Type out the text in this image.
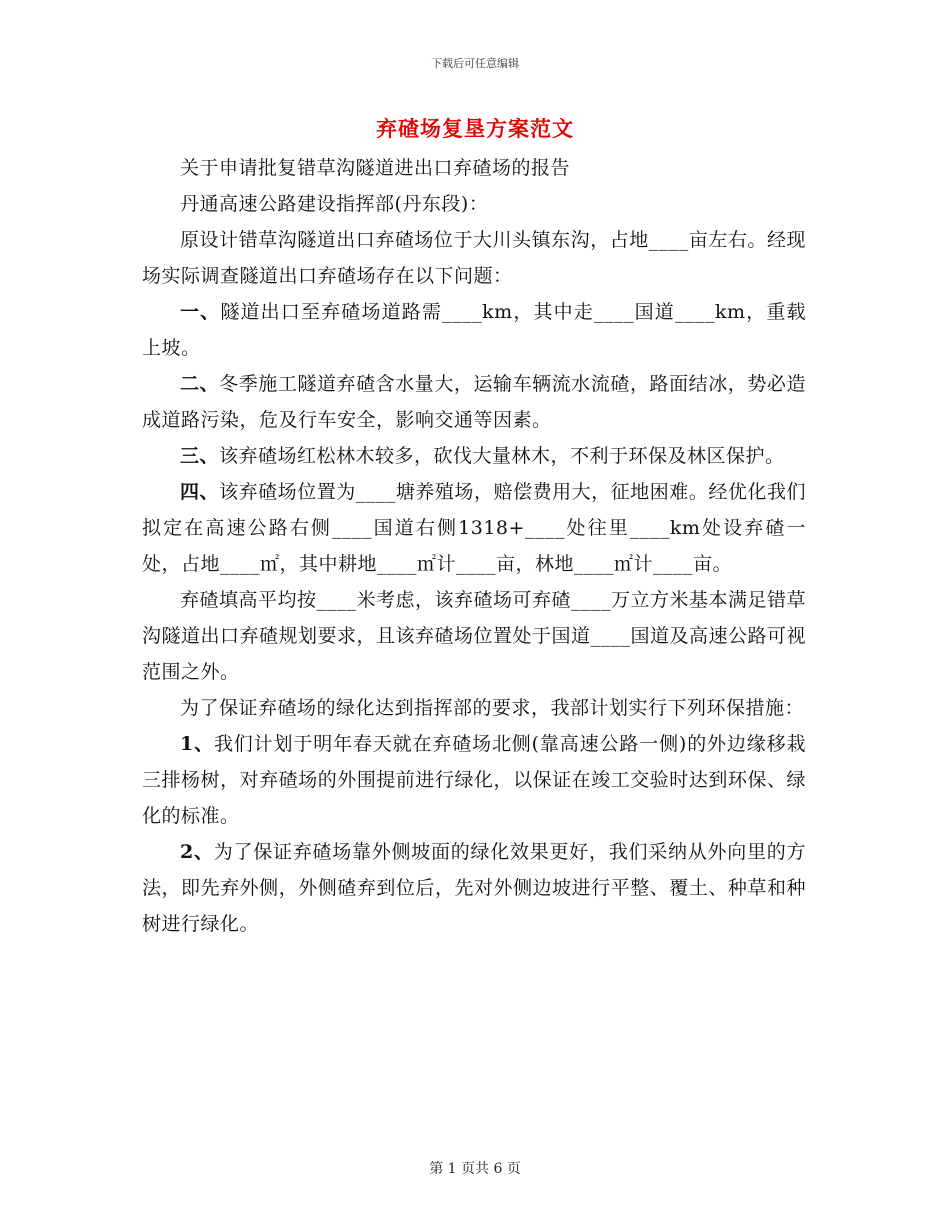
下载后可任意编辑
弃碴场复垦方案范文

关于申请批复错草沟隧道进出口弃碴场的报告

丹通高速公路建设指挥部(丹东段)：

原设计错草沟隧道出口弃碴场位于大川头镇东沟，占地____亩左右。经现场实际调查隧道出口弃碴场存在以下问题：

一、隧道出口至弃碴场道路需____km，其中走____国道____km，重载上坡。

二、冬季施工隧道弃碴含水量大，运输车辆流水流碴，路面结冰，势必造成道路污染，危及行车安全，影响交通等因素。

三、该弃碴场红松林木较多，砍伐大量林木，不利于环保及林区保护。

四、该弃碴场位置为____塘养殖场，赔偿费用大，征地困难。经优化我们拟定在高速公路右侧____国道右侧1318+____处往里____km处设弃碴一处，占地____㎡，其中耕地____㎡计____亩，林地____㎡计____亩。

弃碴填高平均按____米考虑，该弃碴场可弃碴____万立方米基本满足错草沟隧道出口弃碴规划要求，且该弃碴场位置处于国道____国道及高速公路可视范围之外。

为了保证弃碴场的绿化达到指挥部的要求，我部计划实行下列环保措施：

1、我们计划于明年春天就在弃碴场北侧(靠高速公路一侧)的外边缘移栽三排杨树，对弃碴场的外围提前进行绿化，以保证在竣工交验时达到环保、绿化的标准。

2、为了保证弃碴场靠外侧坡面的绿化效果更好，我们采纳从外向里的方法，即先弃外侧，外侧碴弃到位后，先对外侧边坡进行平整、覆土、种草和种树进行绿化。

第 1 页共 6 页
